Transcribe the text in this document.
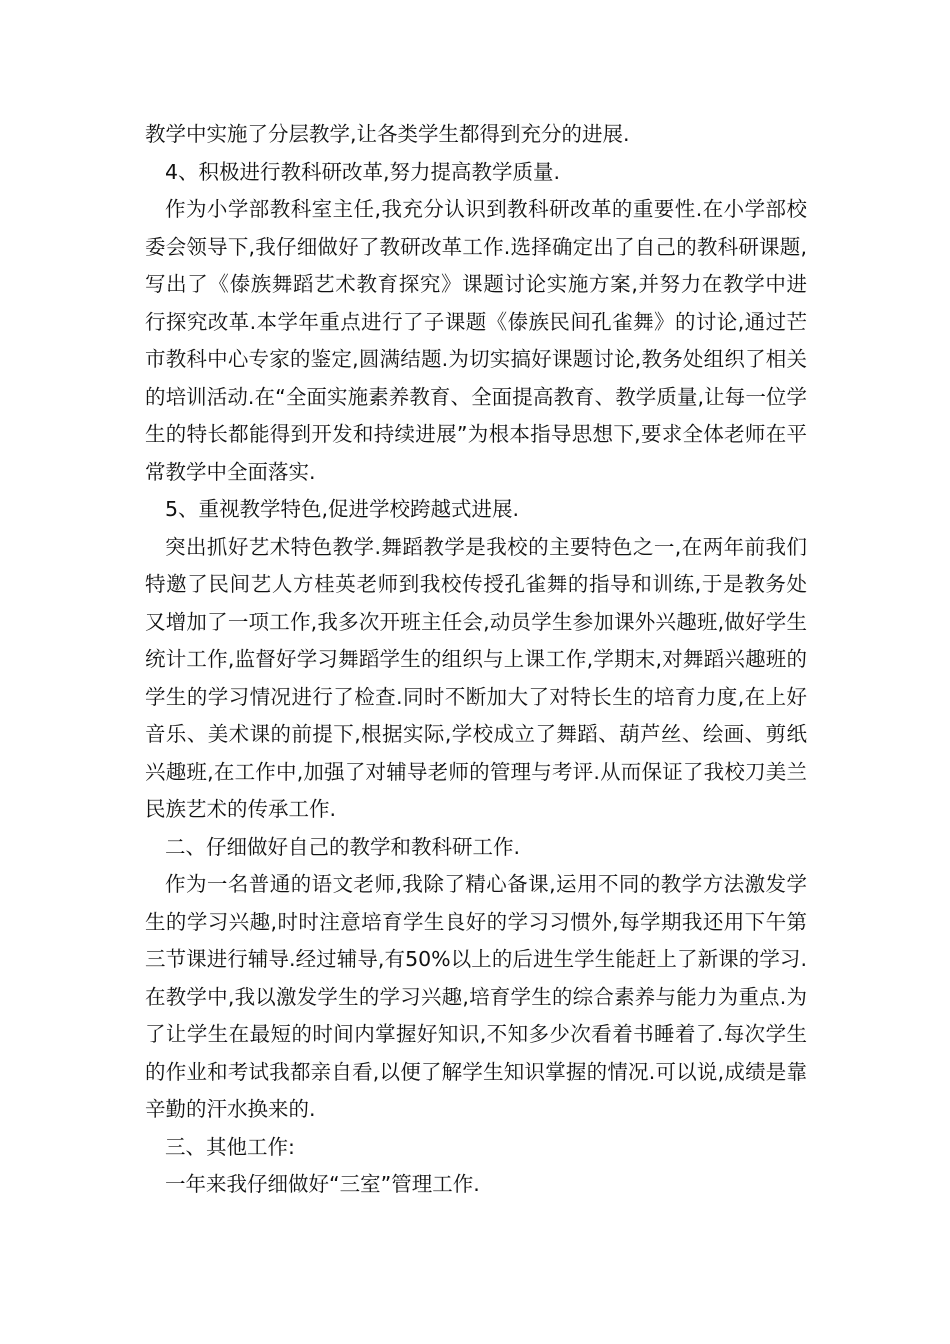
教学中实施了分层教学,让各类学生都得到充分的进展.

4、积极进行教科研改革,努力提高教学质量.

作为小学部教科室主任,我充分认识到教科研改革的重要性.在小学部校委会领导下,我仔细做好了教研改革工作.选择确定出了自己的教科研课题,写出了《傣族舞蹈艺术教育探究》课题讨论实施方案,并努力在教学中进行探究改革.本学年重点进行了子课题《傣族民间孔雀舞》的讨论,通过芒市教科中心专家的鉴定,圆满结题.为切实搞好课题讨论,教务处组织了相关的培训活动.在“全面实施素养教育、全面提高教育、教学质量,让每一位学生的特长都能得到开发和持续进展”为根本指导思想下,要求全体老师在平常教学中全面落实.

5、重视教学特色,促进学校跨越式进展.

突出抓好艺术特色教学.舞蹈教学是我校的主要特色之一,在两年前我们特邀了民间艺人方桂英老师到我校传授孔雀舞的指导和训练,于是教务处又增加了一项工作,我多次开班主任会,动员学生参加课外兴趣班,做好学生统计工作,监督好学习舞蹈学生的组织与上课工作,学期末,对舞蹈兴趣班的学生的学习情况进行了检查.同时不断加大了对特长生的培育力度,在上好音乐、美术课的前提下,根据实际,学校成立了舞蹈、葫芦丝、绘画、剪纸兴趣班,在工作中,加强了对辅导老师的管理与考评.从而保证了我校刀美兰民族艺术的传承工作.

二、仔细做好自己的教学和教科研工作.

作为一名普通的语文老师,我除了精心备课,运用不同的教学方法激发学生的学习兴趣,时时注意培育学生良好的学习习惯外,每学期我还用下午第三节课进行辅导.经过辅导,有50%以上的后进生学生能赶上了新课的学习.在教学中,我以激发学生的学习兴趣,培育学生的综合素养与能力为重点.为了让学生在最短的时间内掌握好知识,不知多少次看着书睡着了.每次学生的作业和考试我都亲自看,以便了解学生知识掌握的情况.可以说,成绩是靠辛勤的汗水换来的.

三、其他工作:

一年来我仔细做好“三室”管理工作.
